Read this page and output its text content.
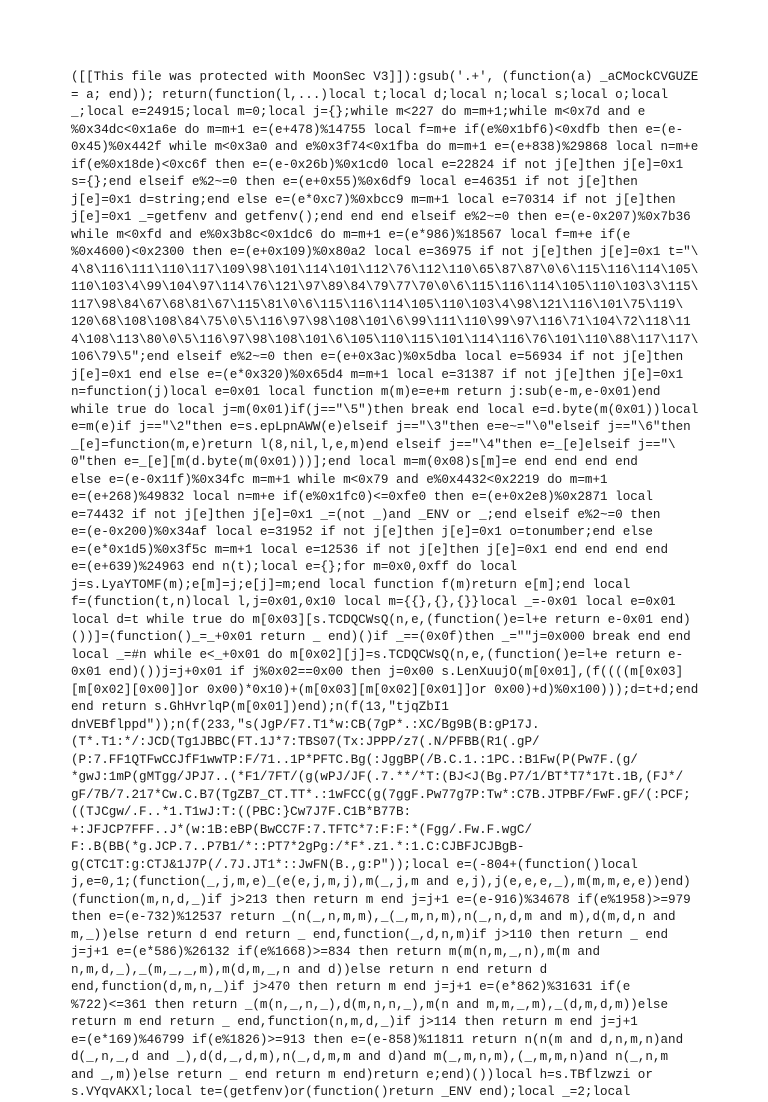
([[This file was protected with MoonSec V3]]):gsub('.+', (function(a) _aCMockCVGUZE
= a; end)); return(function(l,...)local t;local d;local n;local s;local o;local
_;local e=24915;local m=0;local j={};while m<227 do m=m+1;while m<0x7d and e
%0x34dc<0x1a6e do m=m+1 e=(e+478)%14755 local f=m+e if(e%0x1bf6)<0xdfb then e=(e-
0x45)%0x442f while m<0x3a0 and e%0x3f74<0x1fba do m=m+1 e=(e+838)%29868 local n=m+e
if(e%0x18de)<0xc6f then e=(e-0x26b)%0x1cd0 local e=22824 if not j[e]then j[e]=0x1
s={};end elseif e%2~=0 then e=(e+0x55)%0x6df9 local e=46351 if not j[e]then
j[e]=0x1 d=string;end else e=(e*0xc7)%0xbcc9 m=m+1 local e=70314 if not j[e]then
j[e]=0x1 _=getfenv and getfenv();end end end elseif e%2~=0 then e=(e-0x207)%0x7b36
while m<0xfd and e%0x3b8c<0x1dc6 do m=m+1 e=(e*986)%18567 local f=m+e if(e
%0x4600)<0x2300 then e=(e+0x109)%0x80a2 local e=36975 if not j[e]then j[e]=0x1 t="\
4\8\116\111\110\117\109\98\101\114\101\112\76\112\110\65\87\87\0\6\115\116\114\105\
110\103\4\99\104\97\114\76\121\97\89\84\79\77\70\0\6\115\116\114\105\110\103\3\115\
117\98\84\67\68\81\67\115\81\0\6\115\116\114\105\110\103\4\98\121\116\101\75\119\
120\68\108\108\84\75\0\5\116\97\98\108\101\6\99\111\110\99\97\116\71\104\72\118\11
4\108\113\80\0\5\116\97\98\108\101\6\105\110\115\101\114\116\76\101\110\88\117\117\
106\79\5";end elseif e%2~=0 then e=(e+0x3ac)%0x5dba local e=56934 if not j[e]then
j[e]=0x1 end else e=(e*0x320)%0x65d4 m=m+1 local e=31387 if not j[e]then j[e]=0x1
n=function(j)local e=0x01 local function m(m)e=e+m return j:sub(e-m,e-0x01)end
while true do local j=m(0x01)if(j=="\5")then break end local e=d.byte(m(0x01))local
e=m(e)if j=="\2"then e=s.epLpnAWW(e)elseif j=="\3"then e=e~="\0"elseif j=="\6"then
_[e]=function(m,e)return l(8,nil,l,e,m)end elseif j=="\4"then e=_[e]elseif j=="\
0"then e=_[e][m(d.byte(m(0x01)))];end local m=m(0x08)s[m]=e end end end end
else e=(e-0x11f)%0x34fc m=m+1 while m<0x79 and e%0x4432<0x2219 do m=m+1
e=(e+268)%49832 local n=m+e if(e%0x1fc0)<=0xfe0 then e=(e+0x2e8)%0x2871 local
e=74432 if not j[e]then j[e]=0x1 _=(not _)and _ENV or _;end elseif e%2~=0 then
e=(e-0x200)%0x34af local e=31952 if not j[e]then j[e]=0x1 o=tonumber;end else
e=(e*0x1d5)%0x3f5c m=m+1 local e=12536 if not j[e]then j[e]=0x1 end end end end
e=(e+639)%24963 end n(t);local e={};for m=0x0,0xff do local
j=s.LyaYTOMF(m);e[m]=j;e[j]=m;end local function f(m)return e[m];end local
f=(function(t,n)local l,j=0x01,0x10 local m={{},{},{}}local _=-0x01 local e=0x01
local d=t while true do m[0x03][s.TCDQCWsQ(n,e,(function()e=l+e return e-0x01 end)
())]=(function()_=_+0x01 return _ end)()if _==(0x0f)then _=""j=0x000 break end end
local _=#n while e<_+0x01 do m[0x02][j]=s.TCDQCWsQ(n,e,(function()e=l+e return e-
0x01 end)())j=j+0x01 if j%0x02==0x00 then j=0x00 s.LenXuujO(m[0x01],(f((((m[0x03]
[m[0x02][0x00]]or 0x00)*0x10)+(m[0x03][m[0x02][0x01]]or 0x00)+d)%0x100)));d=t+d;end
end return s.GhHvrlqP(m[0x01])end);n(f(13,"tjqZbI1
dnVEBflppd"));n(f(233,"s(JgP/F7.T1*w:CB(7gP*.:XC/Bg9B(B:gP17J.
(T*.T1:*/:JCD(Tg1JBBC(FT.1J*7:TBS07(Tx:JPPP/z7(.N/PFBB(R1(.gP/
(P:7.FF1QTFwCCJfF1wwTP:F/71..1P*PFTC.Bg(:JggBP(/B.C.1.:1PC.:B1Fw(P(Pw7F.(g/
*gwJ:1mP(gMTgg/JPJ7..(*F1/7FT/(g(wPJ/JF(.7.**/*T:(BJ<J(Bg.P7/1/BT*T7*17t.1B,(FJ*/
gF/7B/7.217*Cw.C.B7(TgZB7_CT.TT*.:1wFCC(g(7ggF.Pw77g7P:Tw*:C7B.JTPBF/FwF.gF/(:PCF;
((TJCgw/.F..*1.T1wJ:T:((PBC:}Cw7J7F.C1B*B77B:
+:JFJCP7FFF..J*(w:1B:eBP(BwCC7F:7.TFTC*7:F:F:*(Fgg/.Fw.F.wgC/
F:.B(BB(*g.JCP.7..P7B1/*::PT7*2gPg:/*F*.z1.*:1.C:CJBFJCJBgB-
g(CTC1T:g:CTJ&1J7P(/.7J.JT1*::JwFN(B.,g:P"));local e=(-804+(function()local
j,e=0,1;(function(_,j,m,e)_(e(e,j,m,j),m(_,j,m and e,j),j(e,e,e,_),m(m,m,e,e))end)
(function(m,n,d,_)if j>213 then return m end j=j+1 e=(e-916)%34678 if(e%1958)>=979
then e=(e-732)%12537 return _(n(_,n,m,m),_(_,m,n,m),n(_,n,d,m and m),d(m,d,n and
m,_))else return d end return _ end,function(_,d,n,m)if j>110 then return _ end
j=j+1 e=(e*586)%26132 if(e%1668)>=834 then return m(m(n,m,_,n),m(m and
n,m,d,_),_(m,_,_,m),m(d,m,_,n and d))else return n end return d
end,function(d,m,n,_)if j>470 then return m end j=j+1 e=(e*862)%31631 if(e
%722)<=361 then return _(m(n,_,n,_),d(m,n,n,_),m(n and m,m,_,m),_(d,m,d,m))else
return m end return _ end,function(n,m,d,_)if j>114 then return m end j=j+1
e=(e*169)%46799 if(e%1826)>=913 then e=(e-858)%11811 return n(n(m and d,n,m,n)and
d(_,n,_,d and _),d(d,_,d,m),n(_,d,m,m and d)and m(_,m,n,m),(_,m,m,n)and n(_,n,m
and _,m))else return _ end return m end)return e;end)())local h=s.TBflzwzi or
s.VYqvAKXl;local te=(getfenv)or(function()return _ENV end);local _=2;local
